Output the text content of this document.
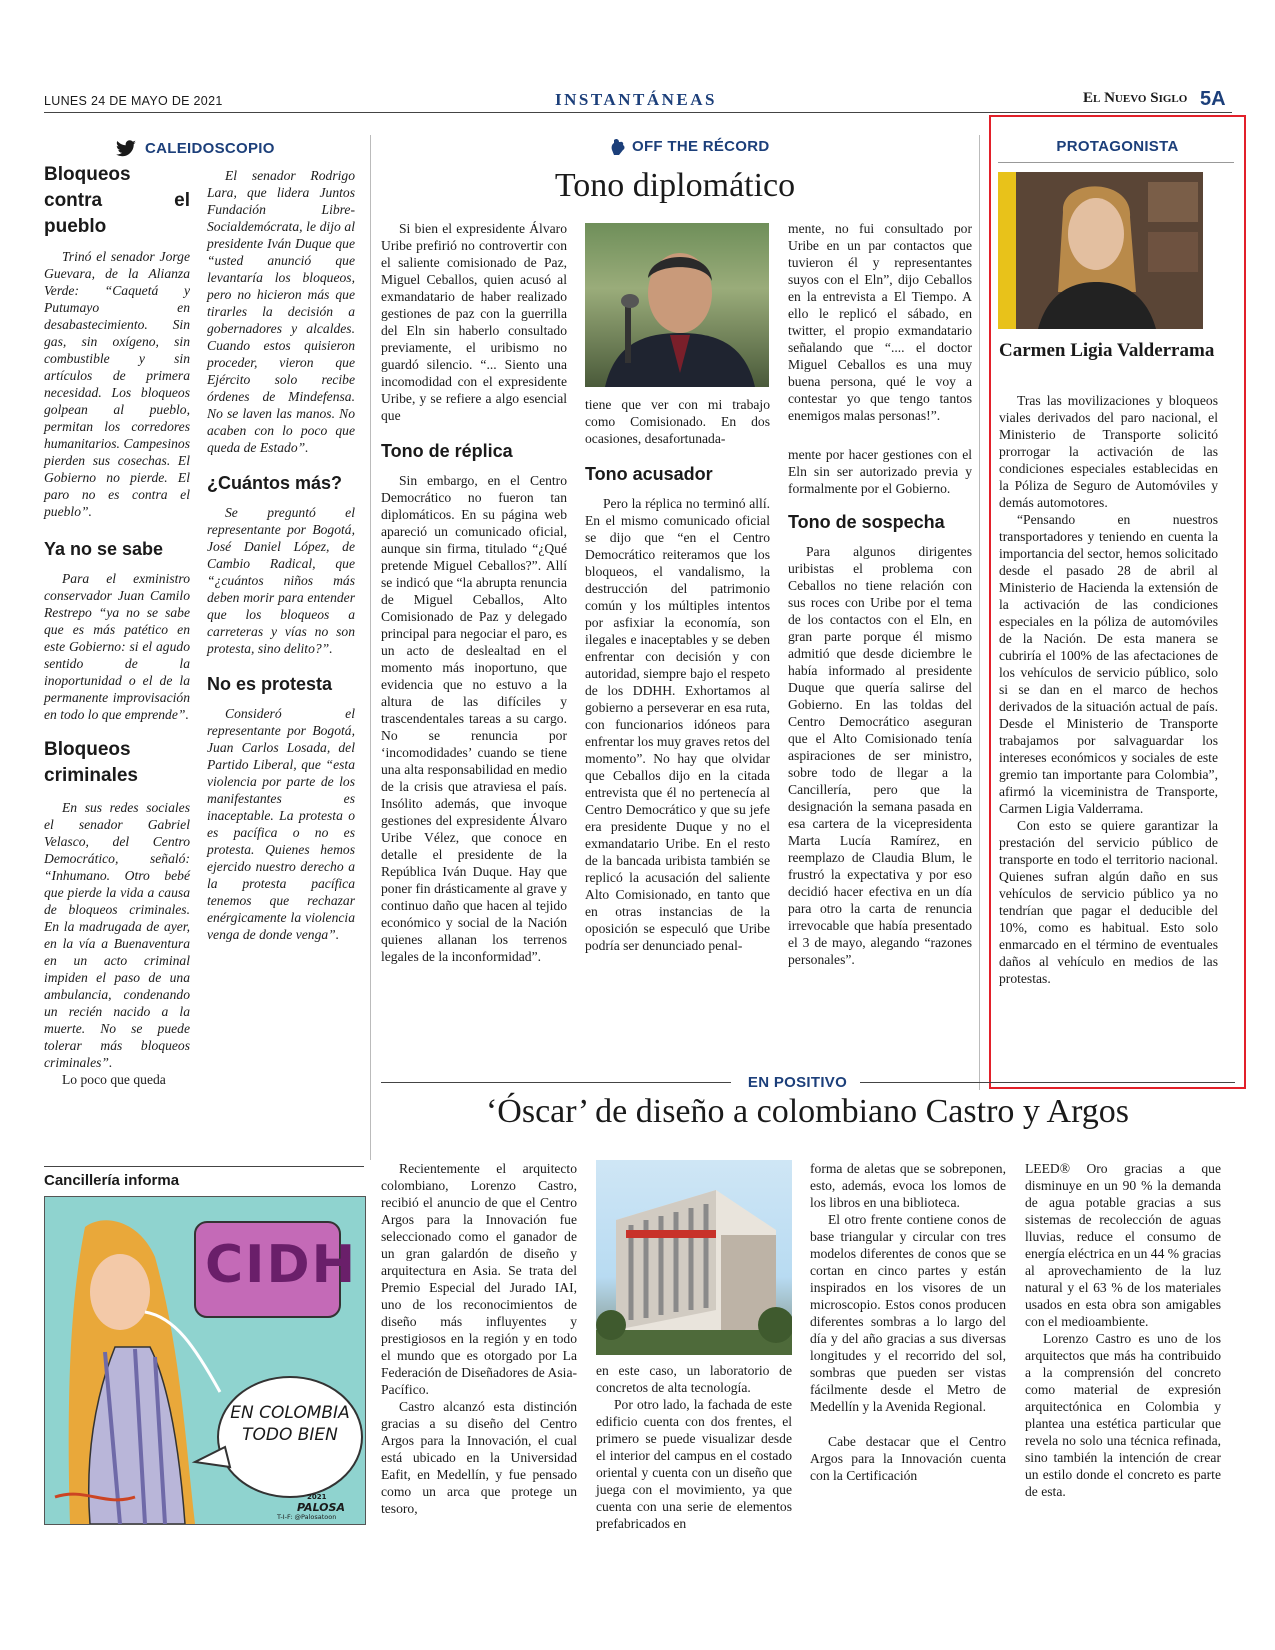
LUNES 24 DE MAYO DE 2021	INSTANTÁNEAS	El Nuevo Siglo 5A
CALEIDOSCOPIO
Bloqueos contra el pueblo

Trinó el senador Jorge Guevara, de la Alianza Verde: “Caquetá y Putumayo en desabastecimiento. Sin gas, sin oxígeno, sin combustible y sin artículos de primera necesidad. Los bloqueos golpean al pueblo, permitan los corredores humanitarios. Campesinos pierden sus cosechas. El Gobierno no pierde. El paro no es contra el pueblo”.

Ya no se sabe

Para el exministro conservador Juan Camilo Restrepo “ya no se sabe que es más patético en este Gobierno: si el agudo sentido de la inoportunidad o el de la permanente improvisación en todo lo que emprende”.

Bloqueos criminales

En sus redes sociales el senador Gabriel Velasco, del Centro Democrático, señaló: “Inhumano. Otro bebé que pierde la vida a causa de bloqueos criminales. En la madrugada de ayer, en la vía a Buenaventura en un acto criminal impiden el paso de una ambulancia, condenando un recién nacido a la muerte. No se puede tolerar más bloqueos criminales”.

Lo poco que queda

El senador Rodrigo Lara, que lidera Juntos Fundación Libre-Socialdemócrata, le dijo al presidente Iván Duque que “usted anunció que levantaría los bloqueos, pero no hicieron más que tirarles la decisión a gobernadores y alcaldes. Cuando estos quisieron proceder, vieron que Ejército solo recibe órdenes de Mindefensa. No se laven las manos. No acaben con lo poco que queda de Estado”.

¿Cuántos más?

Se preguntó el representante por Bogotá, José Daniel López, de Cambio Radical, que “¿cuántos niños más deben morir para entender que los bloqueos a carreteras y vías no son protesta, sino delito?”.

No es protesta

Consideró el representante por Bogotá, Juan Carlos Losada, del Partido Liberal, que “esta violencia por parte de los manifestantes es inaceptable. La protesta o es pacífica o no es protesta. Quienes hemos ejercido nuestro derecho a la protesta pacífica tenemos que rechazar enérgicamente la violencia venga de donde venga”.

Cancillería informa
CIDH
EN COLOMBIA TODO BIEN
2021
PALOSA
T-I-F: @Palosatoon
OFF THE RÉCORD
Tono diplomático

Si bien el expresidente Álvaro Uribe prefirió no controvertir con el saliente comisionado de Paz, Miguel Ceballos, quien acusó al exmandatario de haber realizado gestiones de paz con la guerrilla del Eln sin haberlo consultado previamente, el uribismo no guardó silencio. “... Siento una incomodidad con el expresidente Uribe, y se refiere a algo esencial que

Tono de réplica

Sin embargo, en el Centro Democrático no fueron tan diplomáticos. En su página web apareció un comunicado oficial, aunque sin firma, titulado “¿Qué pretende Miguel Ceballos?”. Allí se indicó que “la abrupta renuncia de Miguel Ceballos, Alto Comisionado de Paz y delegado principal para negociar el paro, es un acto de deslealtad en el momento más inoportuno, que evidencia que no estuvo a la altura de las difíciles y trascendentales tareas a su cargo. No se renuncia por ‘incomodidades’ cuando se tiene una alta responsabilidad en medio de la crisis que atraviesa el país. Insólito además, que invoque gestiones del expresidente Álvaro Uribe Vélez, que conoce en detalle el presidente de la República Iván Duque. Hay que poner fin drásticamente al grave y continuo daño que hacen al tejido económico y social de la Nación quienes allanan los terrenos legales de la inconformidad”.

tiene que ver con mi trabajo como Comisionado. En dos ocasiones, desafortunada-

Tono acusador

Pero la réplica no terminó allí. En el mismo comunicado oficial se dijo que “en el Centro Democrático reiteramos que los bloqueos, el vandalismo, la destrucción del patrimonio común y los múltiples intentos por asfixiar la economía, son ilegales e inaceptables y se deben enfrentar con decisión y con autoridad, siempre bajo el respeto de los DDHH. Exhortamos al gobierno a perseverar en esa ruta, con funcionarios idóneos para enfrentar los muy graves retos del momento”. No hay que olvidar que Ceballos dijo en la citada entrevista que él no pertenecía al Centro Democrático y que su jefe era presidente Duque y no el exmandatario Uribe. En el resto de la bancada uribista también se replicó la acusación del saliente Alto Comisionado, en tanto que en otras instancias de la oposición se especuló que Uribe podría ser denunciado penal-

mente, no fui consultado por Uribe en un par contactos que tuvieron él y representantes suyos con el Eln”, dijo Ceballos en la entrevista a El Tiempo. A ello le replicó el sábado, en twitter, el propio exmandatario señalando que “.... el doctor Miguel Ceballos es una muy buena persona, qué le voy a contestar yo que tengo tantos enemigos malas personas!”.

mente por hacer gestiones con el Eln sin ser autorizado previa y formalmente por el Gobierno.

Tono de sospecha

Para algunos dirigentes uribistas el problema con Ceballos no tiene relación con sus roces con Uribe por el tema de los contactos con el Eln, en gran parte porque él mismo admitió que desde diciembre le había informado al presidente Duque que quería salirse del Gobierno. En las toldas del Centro Democrático aseguran que el Alto Comisionado tenía aspiraciones de ser ministro, sobre todo de llegar a la Cancillería, pero que la designación la semana pasada en esa cartera de la vicepresidenta Marta Lucía Ramírez, en reemplazo de Claudia Blum, le frustró la expectativa y por eso decidió hacer efectiva en un día para otro la carta de renuncia irrevocable que había presentado el 3 de mayo, alegando “razones personales”.

PROTAGONISTA
Carmen Ligia Valderrama

Tras las movilizaciones y bloqueos viales derivados del paro nacional, el Ministerio de Transporte solicitó prorrogar la activación de las condiciones especiales establecidas en la Póliza de Seguro de Automóviles y demás automotores.

“Pensando en nuestros transportadores y teniendo en cuenta la importancia del sector, hemos solicitado desde el pasado 28 de abril al Ministerio de Hacienda la extensión de la activación de las condiciones especiales en la póliza de automóviles de la Nación. De esta manera se cubriría el 100% de las afectaciones de los vehículos de servicio público, solo si se dan en el marco de hechos derivados de la situación actual de país. Desde el Ministerio de Transporte trabajamos por salvaguardar los intereses económicos y sociales de este gremio tan importante para Colombia”, afirmó la viceministra de Transporte, Carmen Ligia Valderrama.

Con esto se quiere garantizar la prestación del servicio público de transporte en todo el territorio nacional. Quienes sufran algún daño en sus vehículos de servicio público ya no tendrían que pagar el deducible del 10%, como es habitual. Esto solo enmarcado en el término de eventuales daños al vehículo en medios de las protestas.

EN POSITIVO
‘Óscar’ de diseño a colombiano Castro y Argos

Recientemente el arquitecto colombiano, Lorenzo Castro, recibió el anuncio de que el Centro Argos para la Innovación fue seleccionado como el ganador de un gran galardón de diseño y arquitectura en Asia. Se trata del Premio Especial del Jurado IAI, uno de los reconocimientos de diseño más influyentes y prestigiosos en la región y en todo el mundo que es otorgado por La Federación de Diseñadores de Asia-Pacífico.

Castro alcanzó esta distinción gracias a su diseño del Centro Argos para la Innovación, el cual está ubicado en la Universidad Eafit, en Medellín, y fue pensado como un arca que protege un tesoro,

en este caso, un laboratorio de concretos de alta tecnología.

Por otro lado, la fachada de este edificio cuenta con dos frentes, el primero se puede visualizar desde el interior del campus en el costado oriental y cuenta con un diseño que juega con el movimiento, ya que cuenta con una serie de elementos prefabricados en

forma de aletas que se sobreponen, esto, además, evoca los lomos de los libros en una biblioteca.

El otro frente contiene conos de base triangular y circular con tres modelos diferentes de conos que se cortan en cinco partes y están inspirados en los visores de un microscopio. Estos conos producen diferentes sombras a lo largo del día y del año gracias a sus diversas longitudes y el recorrido del sol, sombras que pueden ser vistas fácilmente desde el Metro de Medellín y la Avenida Regional.

Cabe destacar que el Centro Argos para la Innovación cuenta con la Certificación

LEED® Oro gracias a que disminuye en un 90 % la demanda de agua potable gracias a sus sistemas de recolección de aguas lluvias, reduce el consumo de energía eléctrica en un 44 % gracias al aprovechamiento de la luz natural y el 63 % de los materiales usados en esta obra son amigables con el medioambiente.

Lorenzo Castro es uno de los arquitectos que más ha contribuido a la comprensión del concreto como material de expresión arquitectónica en Colombia y plantea una estética particular que revela no solo una técnica refinada, sino también la intención de crear un estilo donde el concreto es parte de esta.
